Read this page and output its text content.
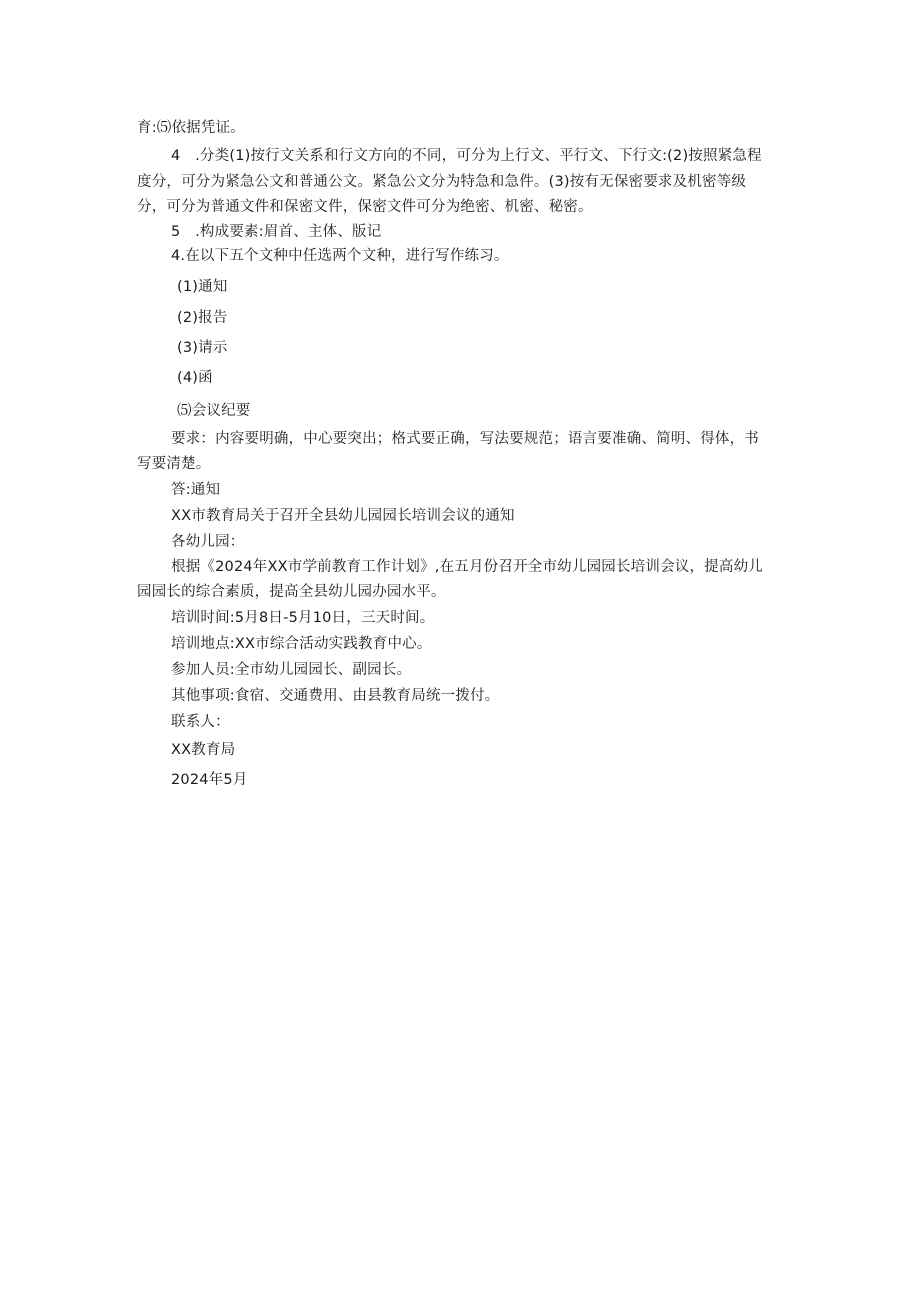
育:⑸依据凭证。
4　.分类(1)按行文关系和行文方向的不同，可分为上行文、平行文、下行文:(2)按照紧急程
度分，可分为紧急公文和普通公文。紧急公文分为特急和急件。(3)按有无保密要求及机密等级
分，可分为普通文件和保密文件，保密文件可分为绝密、机密、秘密。
5　.构成要素:眉首、主体、版记
4.在以下五个文种中任选两个文种，进行写作练习。
(1)通知
(2)报告
(3)请示
(4)函
⑸会议纪要
要求：内容要明确，中心要突出；格式要正确，写法要规范；语言要准确、简明、得体，书
写要清楚。
答:通知
XX市教育局关于召开全县幼儿园园长培训会议的通知
各幼儿园：
根据《2024年XX市学前教育工作计划》,在五月份召开全市幼儿园园长培训会议，提高幼儿
园园长的综合素质，提高全县幼儿园办园水平。
培训时间:5月8日-5月10日，三天时间。
培训地点:XX市综合活动实践教育中心。
参加人员:全市幼儿园园长、副园长。
其他事项:食宿、交通费用、由县教育局统一拨付。
联系人：
XX教育局
2024年5月
